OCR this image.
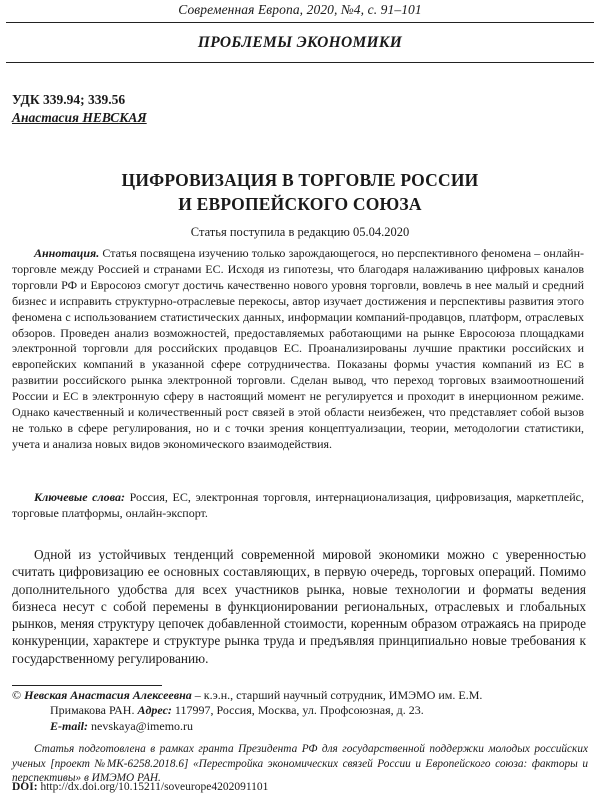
Современная Европа, 2020, №4, с. 91–101
ПРОБЛЕМЫ ЭКОНОМИКИ
УДК 339.94; 339.56
Анастасия НЕВСКАЯ
ЦИФРОВИЗАЦИЯ В ТОРГОВЛЕ РОССИИ
И ЕВРОПЕЙСКОГО СОЮЗА
Статья поступила в редакцию 05.04.2020
Аннотация. Статья посвящена изучению только зарождающегося, но перспективного феномена – онлайн-торговле между Россией и странами ЕС. Исходя из гипотезы, что благодаря налаживанию цифровых каналов торговли РФ и Евросоюз смогут достичь качественно нового уровня торговли, вовлечь в нее малый и средний бизнес и исправить структурно-отраслевые перекосы, автор изучает достижения и перспективы развития этого феномена с использованием статистических данных, информации компаний-продавцов, платформ, отраслевых обзоров. Проведен анализ возможностей, предоставляемых работающими на рынке Евросоюза площадками электронной торговли для российских продавцов ЕС. Проанализированы лучшие практики российских и европейских компаний в указанной сфере сотрудничества. Показаны формы участия компаний из ЕС в развитии российского рынка электронной торговли. Сделан вывод, что переход торговых взаимоотношений России и ЕС в электронную сферу в настоящий момент не регулируется и проходит в инерционном режиме. Однако качественный и количественный рост связей в этой области неизбежен, что представляет собой вызов не только в сфере регулирования, но и с точки зрения концептуализации, теории, методологии статистики, учета и анализа новых видов экономического взаимодействия.
Ключевые слова: Россия, ЕС, электронная торговля, интернационализация, цифровизация, маркетплейс, торговые платформы, онлайн-экспорт.
Одной из устойчивых тенденций современной мировой экономики можно с уверенностью считать цифровизацию ее основных составляющих, в первую очередь, торговых операций. Помимо дополнительного удобства для всех участников рынка, новые технологии и форматы ведения бизнеса несут с собой перемены в функционировании региональных, отраслевых и глобальных рынков, меняя структуру цепочек добавленной стоимости, коренным образом отражаясь на природе конкуренции, характере и структуре рынка труда и предъявляя принципиально новые требования к государственному регулированию.
© Невская Анастасия Алексеевна – к.э.н., старший научный сотрудник, ИМЭМО им. Е.М.
Примакова РАН. Адрес: 117997, Россия, Москва, ул. Профсоюзная, д. 23.
E-mail: nevskaya@imemo.ru
Статья подготовлена в рамках гранта Президента РФ для государственной поддержки молодых российских ученых [проект №МК-6258.2018.6] «Перестройка экономических связей России и Европейского союза: факторы и перспективы» в ИМЭМО РАН.
DOI: http://dx.doi.org/10.15211/soveurope4202091101
